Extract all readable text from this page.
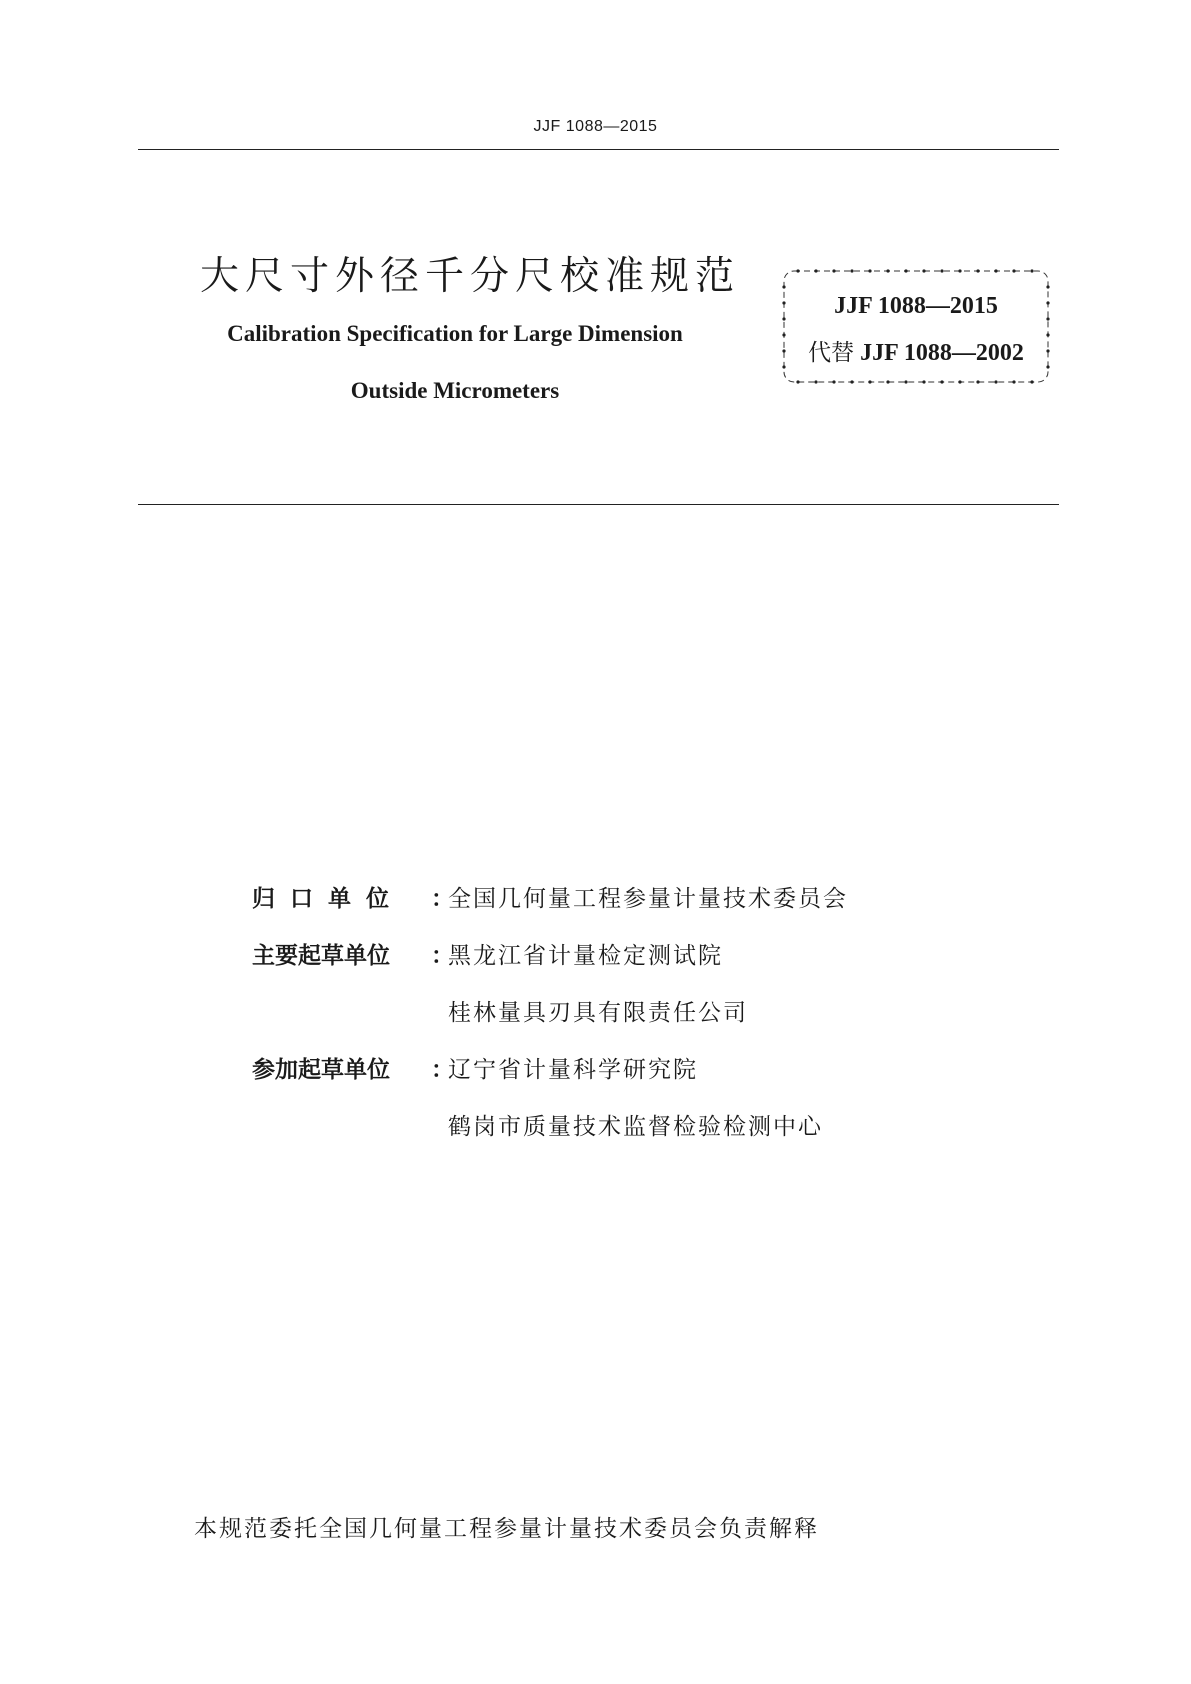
JJF 1088—2015
大尺寸外径千分尺校准规范
Calibration Specification for Large Dimension
Outside Micrometers
JJF 1088—2015
代替 JJF 1088—2002
归口单位 ：
全国几何量工程参量计量技术委员会
主要起草单位 ：
黑龙江省计量检定测试院
桂林量具刃具有限责任公司
参加起草单位 ：
辽宁省计量科学研究院
鹤岗市质量技术监督检验检测中心
本规范委托全国几何量工程参量计量技术委员会负责解释
